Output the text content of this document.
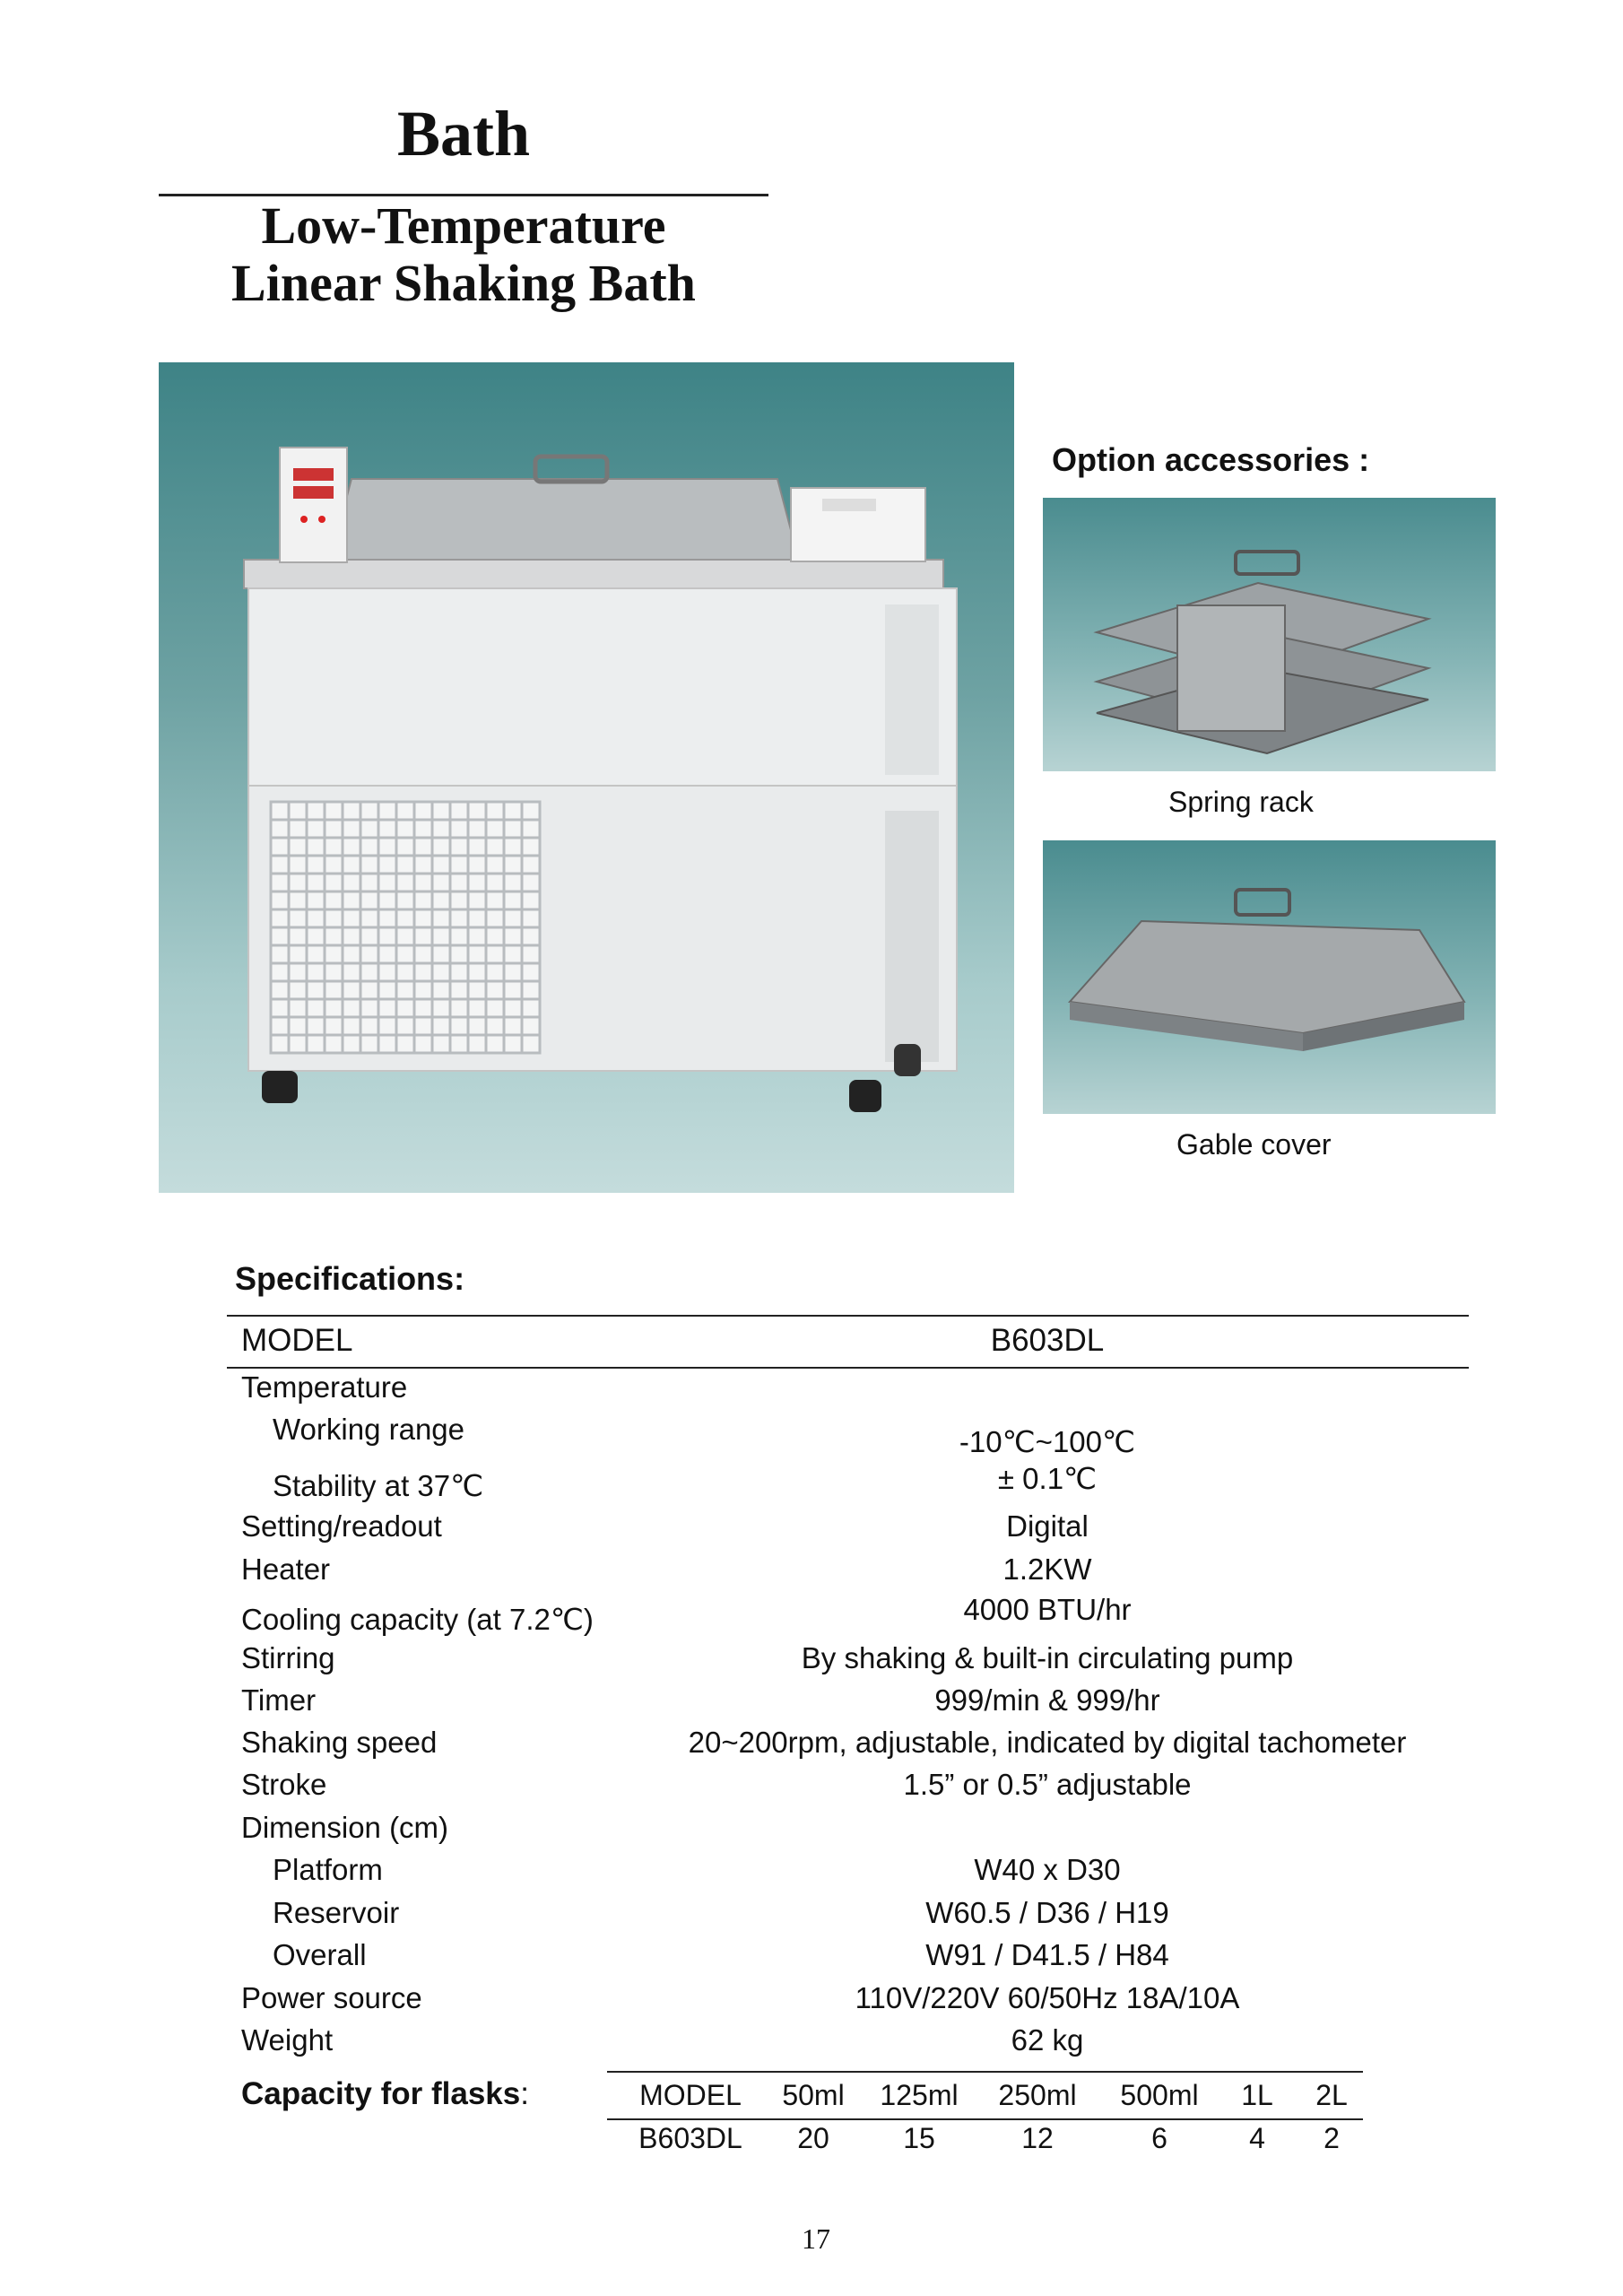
Bath
Low-Temperature
Linear Shaking Bath
Option accessories :
Spring rack
Gable cover
Specifications:
MODEL	B603DL
Temperature
Working range	-10℃~100℃
Stability at 37℃	± 0.1℃
Setting/readout	Digital
Heater	1.2KW
Cooling capacity (at 7.2℃)	4000 BTU/hr
Stirring	By shaking & built-in circulating pump
Timer	999/min & 999/hr
Shaking speed	20~200rpm, adjustable, indicated by digital tachometer
Stroke	1.5” or 0.5” adjustable
Dimension (cm)
Platform	W40 x D30
Reservoir	W60.5 / D36 / H19
Overall	W91 / D41.5 / H84
Power source	110V/220V 60/50Hz 18A/10A
Weight	62 kg
Capacity for flasks:	MODEL	50ml	125ml 250ml 500ml	1L	2L
B603DL	20	15	12	6	4	2
17
